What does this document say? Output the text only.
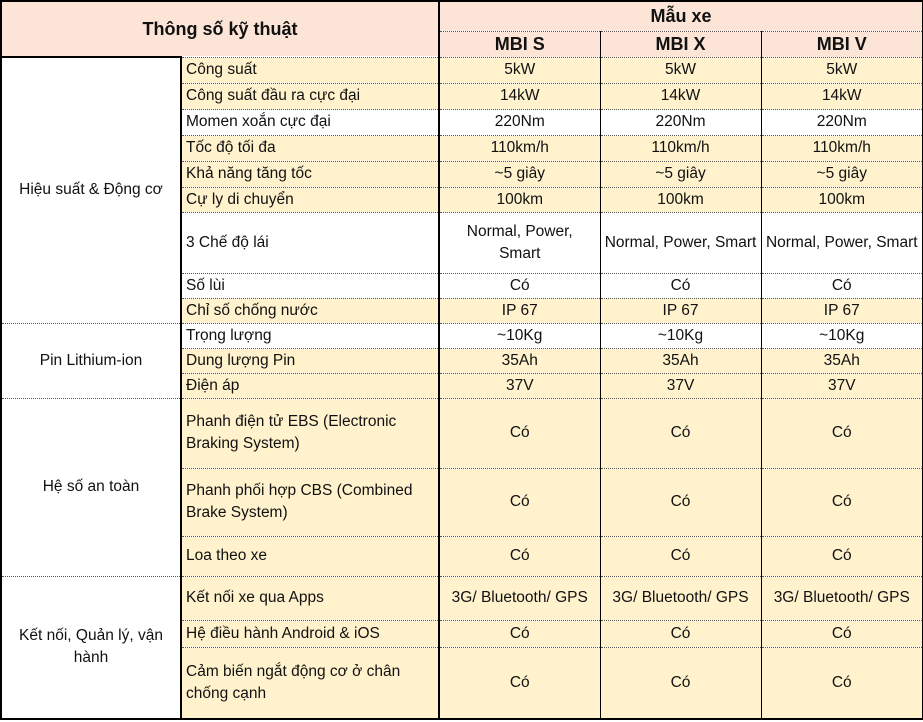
Thông số kỹ thuật		Mẫu xe		
		MBI S	MBI X	MBI V
Hiệu suất & Động cơ	Công suất	5kW	5kW	5kW
	Công suất đầu ra cực đại	14kW	14kW	14kW
	Momen xoắn cực đại	220Nm	220Nm	220Nm
	Tốc độ tối đa	110km/h	110km/h	110km/h
	Khả năng tăng tốc	~5 giây	~5 giây	~5 giây
	Cự ly di chuyển	100km	100km	100km
	3 Chế độ lái	Normal, Power, Smart	Normal, Power, Smart	Normal, Power, Smart
	Số lùi	Có	Có	Có
	Chỉ số chống nước	IP 67	IP 67	IP 67
Pin Lithium-ion	Trọng lượng	~10Kg	~10Kg	~10Kg
	Dung lượng Pin	35Ah	35Ah	35Ah
	Điện áp	37V	37V	37V
Hệ số an toàn	Phanh điện tử EBS (Electronic Braking System)	Có	Có	Có
	Phanh phối hợp CBS (Combined Brake System)	Có	Có	Có
	Loa theo xe	Có	Có	Có
Kết nối, Quản lý, vận hành	Kết nối xe qua Apps	3G/ Bluetooth/ GPS	3G/ Bluetooth/ GPS	3G/ Bluetooth/ GPS
	Hệ điều hành Android & iOS	Có	Có	Có
	Cảm biến ngắt động cơ ở chân chống cạnh	Có	Có	Có
